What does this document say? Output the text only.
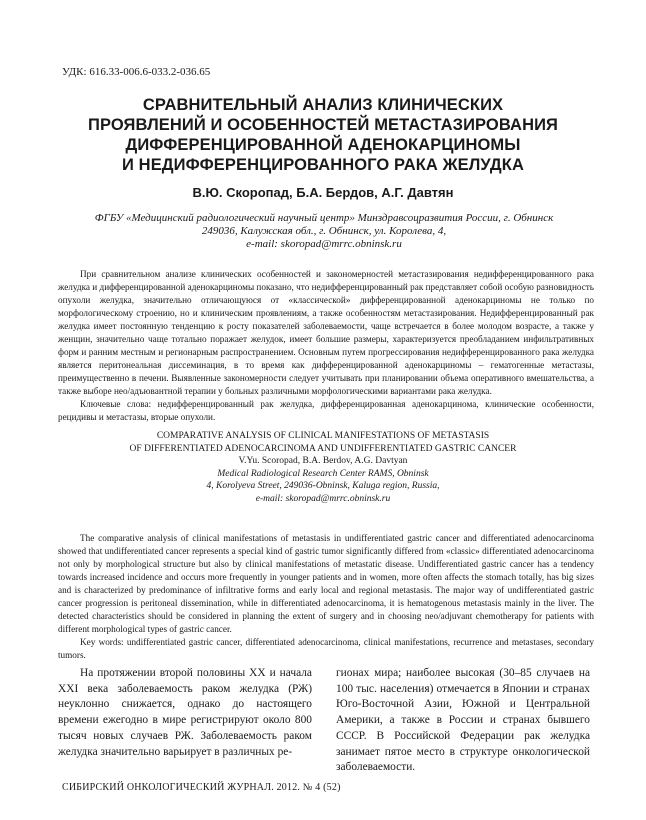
УДК: 616.33-006.6-033.2-036.65
СРАВНИТЕЛЬНЫЙ АНАЛИЗ КЛИНИЧЕСКИХ
ПРОЯВЛЕНИЙ И ОСОБЕННОСТЕЙ МЕТАСТАЗИРОВАНИЯ
ДИФФЕРЕНЦИРОВАННОЙ АДЕНОКАРЦИНОМЫ
И НЕДИФФЕРЕНЦИРОВАННОГО РАКА ЖЕЛУДКА
В.Ю. Скоропад, Б.А. Бердов, А.Г. Давтян
ФГБУ «Медицинский радиологический научный центр» Минздравсоцразвития России, г. Обнинск
249036, Калужская обл., г. Обнинск, ул. Королева, 4,
e-mail: skoropad@mrrc.obninsk.ru

При сравнительном анализе клинических особенностей и закономерностей метастазирования недифференцированного рака желудка и дифференцированной аденокарциномы показано, что недифференцированный рак представляет собой особую разновидность опухоли желудка, значительно отличающуюся от «классической» дифференцированной аденокарциномы не только по морфологическому строению, но и клиническим проявлениям, а также особенностям метастазирования. Недифференцированный рак желудка имеет постоянную тенденцию к росту показателей заболеваемости, чаще встречается в более молодом возрасте, а также у женщин, значительно чаще тотально поражает желудок, имеет большие размеры, характеризуется преобладанием инфильтративных форм и ранним местным и регионарным распространением. Основным путем прогрессирования недифференцированного рака желудка является перитонеальная диссеминация, в то время как дифференцированной аденокарциномы – гематогенные метастазы, преимущественно в печени. Выявленные закономерности следует учитывать при планировании объема оперативного вмешательства, а также выборе нео/адъювантной терапии у больных различными морфологическими вариантами рака желудка.

Ключевые слова: недифференцированный рак желудка, дифференцированная аденокарцинома, клинические особенности, рецидивы и метастазы, вторые опухоли.

COMPARATIVE ANALYSIS OF CLINICAL MANIFESTATIONS OF METASTASIS
OF DIFFERENTIATED ADENOCARCINOMA AND UNDIFFERENTIATED GASTRIC CANCER
V.Yu. Scoropad, B.A. Berdov, A.G. Davtyan
Medical Radiological Research Center RAMS, Obninsk
4, Korolyeva Street, 249036-Obninsk, Kaluga region, Russia,
e-mail: skoropad@mrrc.obninsk.ru

The comparative analysis of clinical manifestations of metastasis in undifferentiated gastric cancer and differentiated adenocarcinoma showed that undifferentiated cancer represents a special kind of gastric tumor significantly differed from «classic» differentiated adenocarcinoma not only by morphological structure but also by clinical manifestations of metastatic disease. Undifferentiated gastric cancer has a tendency towards increased incidence and occurs more frequently in younger patients and in women, more often affects the stomach totally, has big sizes and is characterized by predominance of infiltrative forms and early local and regional metastasis. The major way of undifferentiated gastric cancer progression is peritoneal dissemination, while in differentiated adenocarcinoma, it is hematogenous metastasis mainly in the liver. The detected characteristics should be considered in planning the extent of surgery and in choosing neo/adjuvant chemotherapy for patients with different morphological types of gastric cancer.

Key words: undifferentiated gastric cancer, differentiated adenocarcinoma, clinical manifestations, recurrence and metastases, secondary tumors.

На протяжении второй половины XX и начала XXI века заболеваемость раком желудка (РЖ) неуклонно снижается, однако до настоящего времени ежегодно в мире регистрируют около 800 тысяч новых случаев РЖ. Заболеваемость раком желудка значительно варьирует в различных ре-

гионах мира; наиболее высокая (30–85 случаев на 100 тыс. населения) отмечается в Японии и странах Юго-Восточной Азии, Южной и Центральной Америки, а также в России и странах бывшего СССР. В Российской Федерации рак желудка занимает пятое место в структуре онкологической заболеваемости.

СИБИРСКИЙ ОНКОЛОГИЧЕСКИЙ ЖУРНАЛ. 2012. № 4 (52)
